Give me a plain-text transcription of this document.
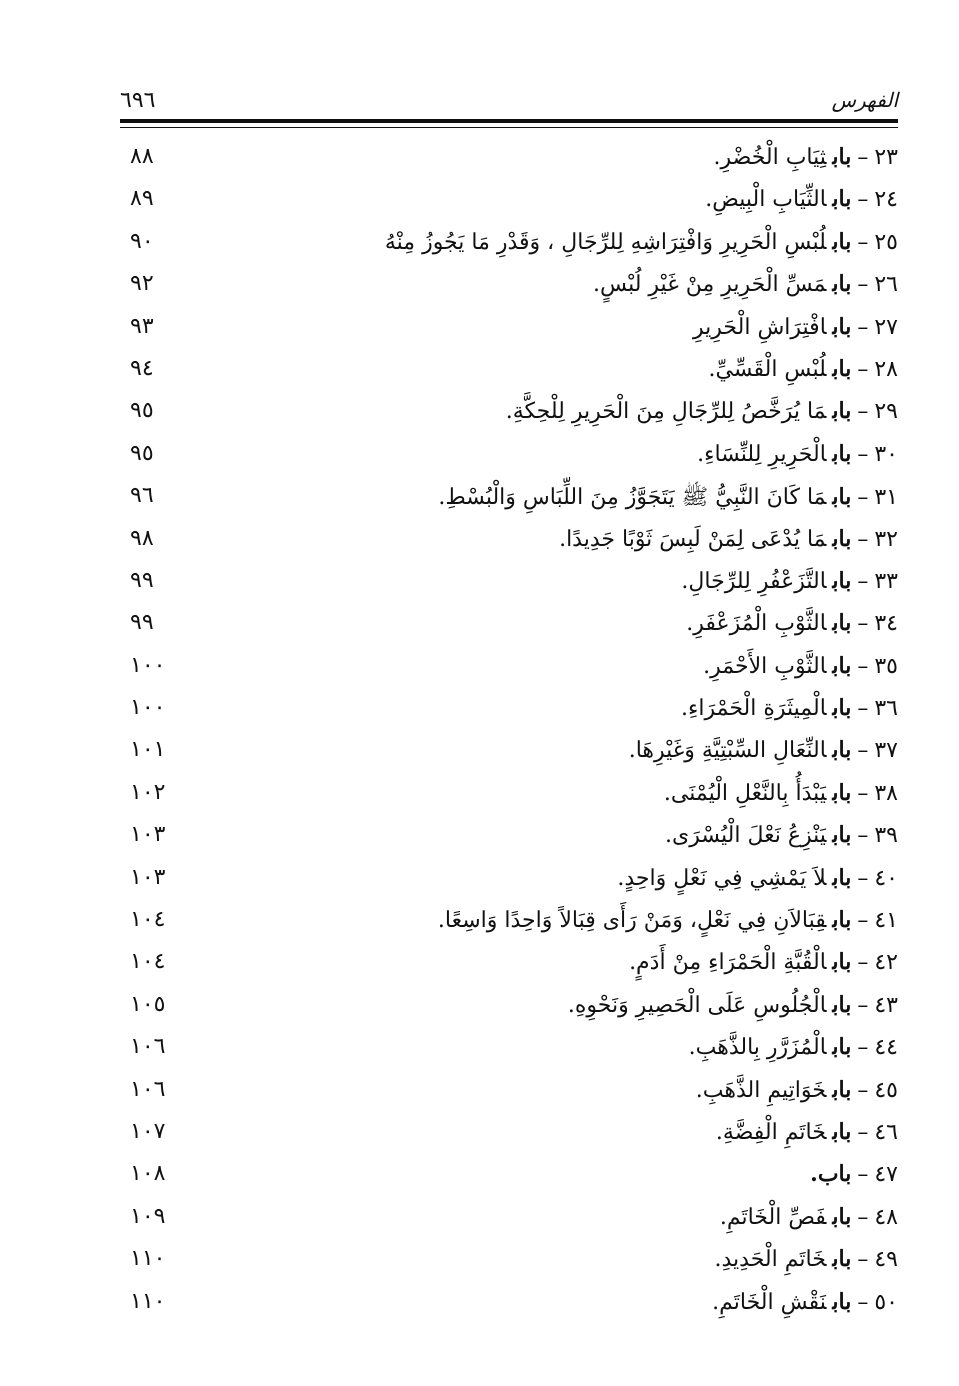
الفهرس
٦٩٦
٢٣–بابثِيَابِ الْخُضْرِ.
٨٨
٢٤–بابالثِّيَابِ الْبِيضِ.
٨٩
٢٥–بابلُبْسِ الْحَرِيرِ وَافْتِرَاشِهِ لِلرِّجَالِ ، وَقَدْرِ مَا يَجُوزُ مِنْهُ
٩٠
٢٦–بابمَسِّ الْحَرِيرِ مِنْ غَيْرِ لُبْسٍ.
٩٢
٢٧–بابافْتِرَاشِ الْحَرِيرِ
٩٣
٢٨–بابلُبْسِ الْقَسِّيِّ.
٩٤
٢٩–بابمَا يُرَخَّصُ لِلرِّجَالِ مِنَ الْحَرِيرِ لِلْحِكَّةِ.
٩٥
٣٠–بابالْحَرِيرِ لِلنِّسَاءِ.
٩٥
٣١–بابمَا كَانَ النَّبِيُّ ﷺ يَتَجَوَّزُ مِنَ اللِّبَاسِ وَالْبُسْطِ.
٩٦
٣٢–بابمَا يُدْعَى لِمَنْ لَبِسَ ثَوْبًا جَدِيدًا.
٩٨
٣٣–بابالتَّزَعْفُرِ لِلرِّجَالِ.
٩٩
٣٤–بابالثَّوْبِ الْمُزَعْفَرِ.
٩٩
٣٥–بابالثَّوْبِ الأَحْمَرِ.
١٠٠
٣٦–بابالْمِيثَرَةِ الْحَمْرَاءِ.
١٠٠
٣٧–بابالنِّعَالِ السِّبْتِيَّةِ وَغَيْرِهَا.
١٠١
٣٨–بابيَبْدَأُ بِالنَّعْلِ الْيُمْنَى.
١٠٢
٣٩–بابيَنْزِعُ نَعْلَ الْيُسْرَى.
١٠٣
٤٠–بابلاَ يَمْشِي فِي نَعْلٍ وَاحِدٍ.
١٠٣
٤١–بابقِبَالاَنِ فِي نَعْلٍ، وَمَنْ رَأَى قِبَالاً وَاحِدًا وَاسِعًا.
١٠٤
٤٢–بابالْقُبَّةِ الْحَمْرَاءِ مِنْ أَدَمٍ.
١٠٤
٤٣–بابالْجُلُوسِ عَلَى الْحَصِيرِ وَنَحْوِهِ.
١٠٥
٤٤–بابالْمُزَرَّرِ بِالذَّهَبِ.
١٠٦
٤٥–بابخَوَاتِيمِ الذَّهَبِ.
١٠٦
٤٦–بابخَاتَمِ الْفِضَّةِ.
١٠٧
٤٧–باب.
١٠٨
٤٨–بابفَصِّ الْخَاتَمِ.
١٠٩
٤٩–بابخَاتَمِ الْحَدِيدِ.
١١٠
٥٠–بابنَقْشِ الْخَاتَمِ.
١١٠
